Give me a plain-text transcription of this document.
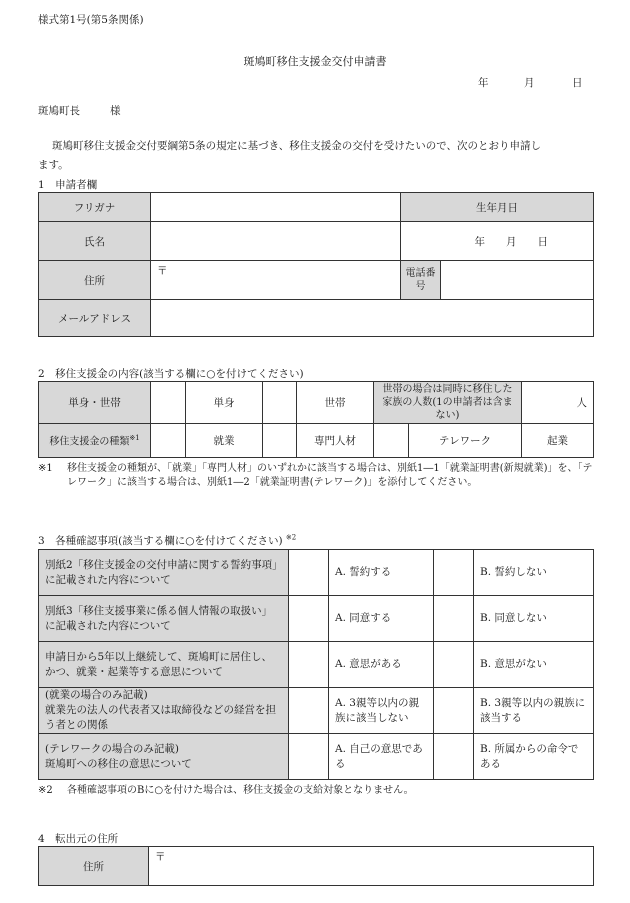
様式第1号(第5条関係)
斑鳩町移住支援金交付申請書
年	月	日
斑鳩町長	様
斑鳩町移住支援金交付要綱第5条の規定に基づき、移住支援金の交付を受けたいので、次のとおり申請し
ます。
1　申請者欄
フリガナ		生年月日	
氏名		年　　月　　日	
住所	〒	電話番号	
メールアドレス			
2　移住支援金の内容(該当する欄に○を付けてください)
単身・世帯		単身		世帯	世帯の場合は同時に移住した家族の人数(1の申請者は含まない)		人
移住支援金の種類$^{※1}$		就業		専門人材		テレワーク	起業
※1 移住支援金の種類が、「就業」「専門人材」のいずれかに該当する場合は、別紙1―1「就業証明書(新規就業)」を、「テレワーク」に該当する場合は、別紙1―2「就業証明書(テレワーク)」を添付してください。
3　各種確認事項(該当する欄に○を付けてください) $^{※2}$
別紙2「移住支援金の交付申請に関する誓約事項」に記載された内容について		A. 誓約する		B. 誓約しない
別紙3「移住支援事業に係る個人情報の取扱い」に記載された内容について		A. 同意する		B. 同意しない
申請日から5年以上継続して、斑鳩町に居住し、かつ、就業・起業等する意思について		A. 意思がある		B. 意思がない

(就業の場合のみ記載)
就業先の法人の代表者又は取締役などの経営を担う者との関係		A. 3親等以内の親族に該当しない		B. 3親等以内の親族に該当する

(テレワークの場合のみ記載)
斑鳩町への移住の意思について		A. 自己の意思である		B. 所属からの命令である
※2 各種確認事項のBに○を付けた場合は、移住支援金の支給対象となりません。
4　転出元の住所
住所	〒
